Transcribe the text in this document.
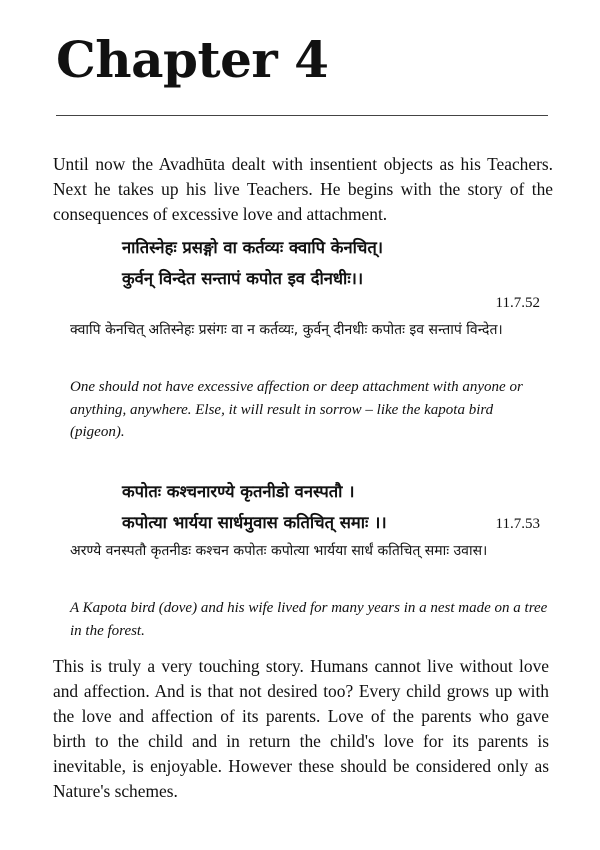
Chapter 4

Until now the Avadhūta dealt with insentient objects as his Teachers. Next he takes up his live Teachers. He begins with the story of the consequences of excessive love and attachment.

नातिस्नेहः प्रसङ्गो वा कर्तव्यः क्वापि केनचित्।
कुर्वन् विन्देत सन्तापं कपोत इव दीनधीः।।
11.7.52

क्वापि केनचित् अतिस्नेहः प्रसंगः वा न कर्तव्यः, कुर्वन् दीनधीः कपोतः इव सन्तापं विन्देत।

One should not have excessive affection or deep attachment with anyone or anything, anywhere. Else, it will result in sorrow – like the kapota bird (pigeon).

कपोतः कश्चनारण्ये कृतनीडो वनस्पतौ ।
कपोत्या भार्यया सार्धमुवास कतिचित् समाः ।।	11.7.53

अरण्ये वनस्पतौ कृतनीडः कश्चन कपोतः कपोत्या भार्यया सार्धं कतिचित् समाः उवास।

A Kapota bird (dove) and his wife lived for many years in a nest made on a tree in the forest.

This is truly a very touching story. Humans cannot live without love and affection. And is that not desired too? Every child grows up with the love and affection of its parents. Love of the parents who gave birth to the child and in return the child's love for its parents is inevitable, is enjoyable. However these should be considered only as Nature's schemes.
